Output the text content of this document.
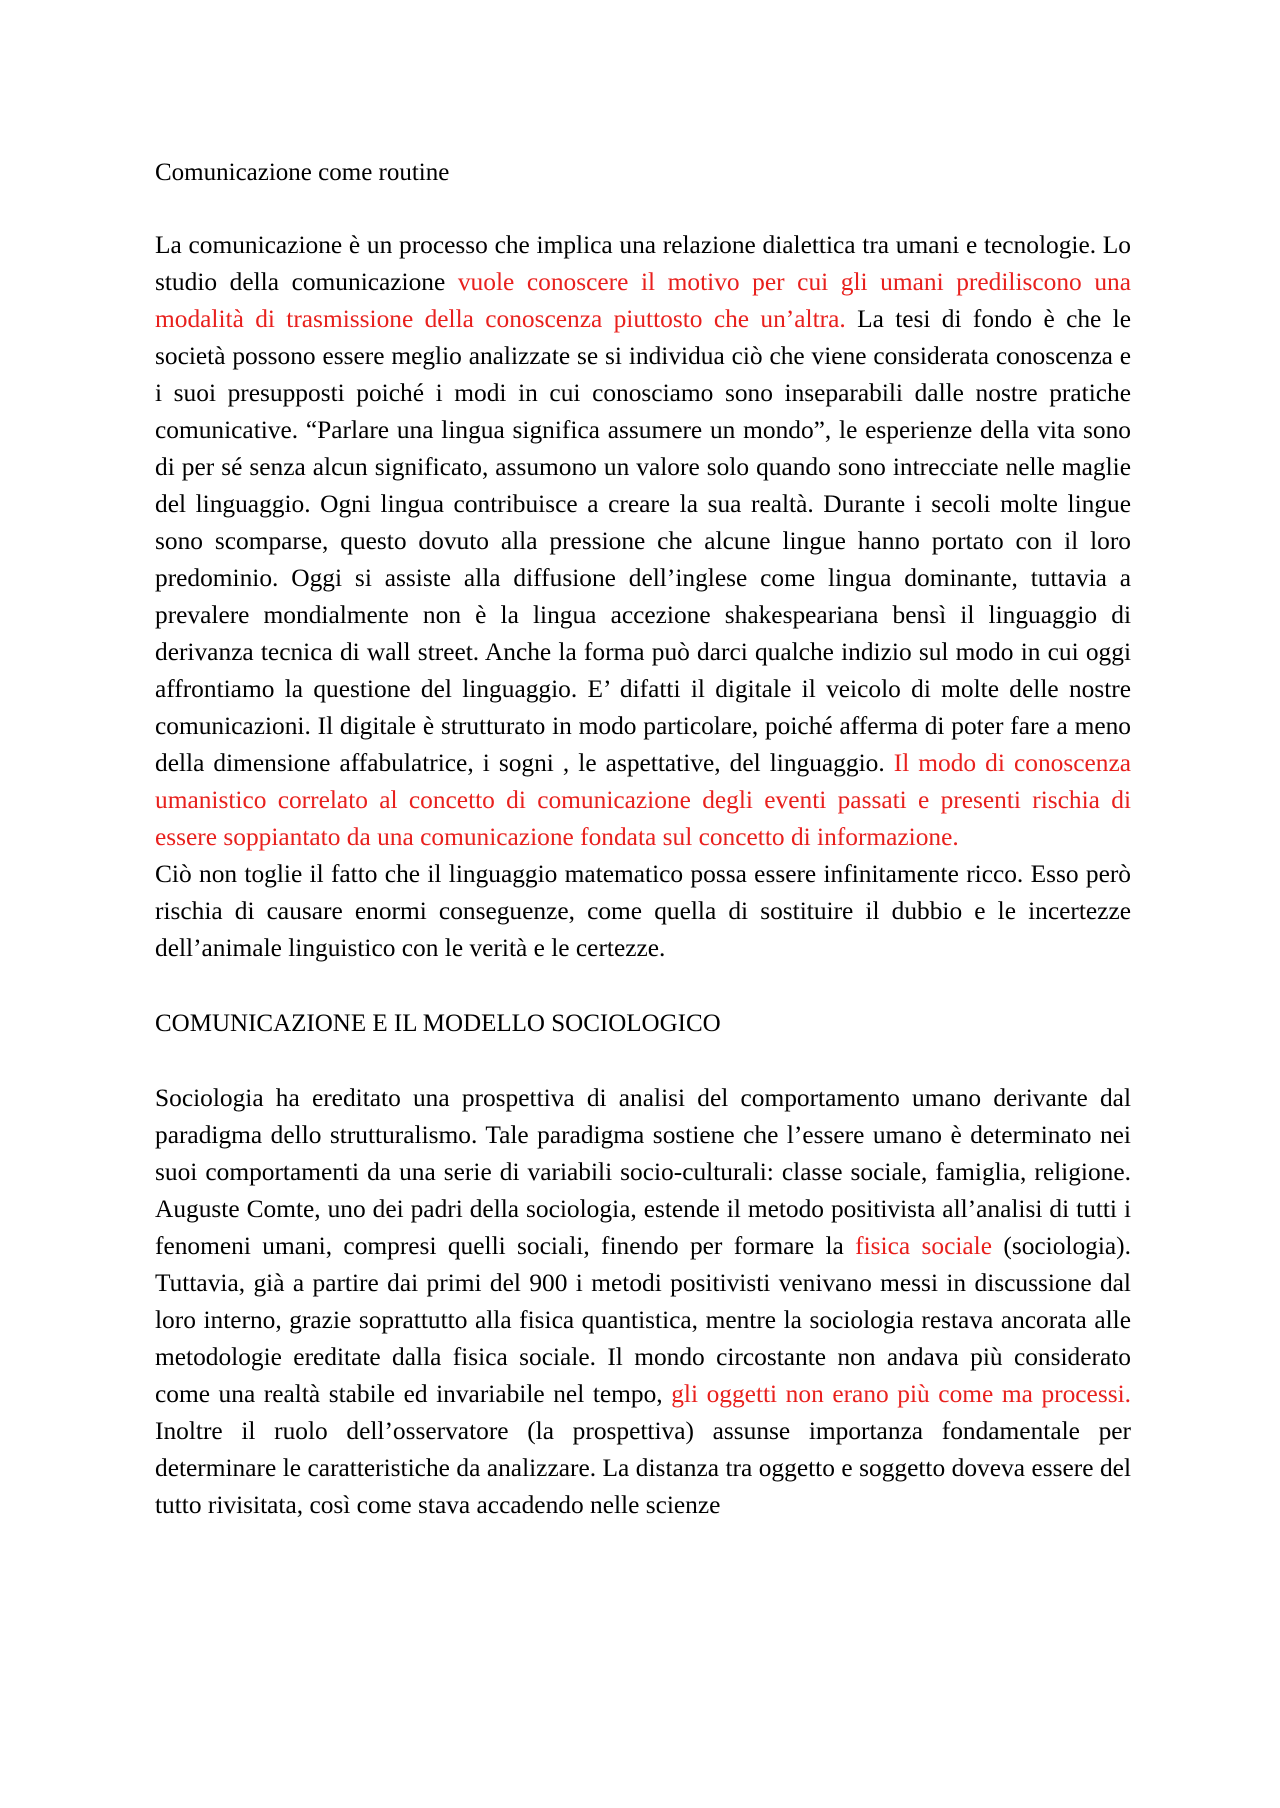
Comunicazione come routine

La comunicazione è un processo che implica una relazione dialettica tra umani e tecnologie. Lo studio della comunicazione vuole conoscere il motivo per cui gli umani prediliscono una modalità di trasmissione della conoscenza piuttosto che un’altra. La tesi di fondo è che le società possono essere meglio analizzate se si individua ciò che viene considerata conoscenza e i suoi presupposti poiché i modi in cui conosciamo sono inseparabili dalle nostre pratiche comunicative. “Parlare una lingua significa assumere un mondo”, le esperienze della vita sono di per sé senza alcun significato, assumono un valore solo quando sono intrecciate nelle maglie del linguaggio. Ogni lingua contribuisce a creare la sua realtà. Durante i secoli molte lingue sono scomparse, questo dovuto alla pressione che alcune lingue hanno portato con il loro predominio. Oggi si assiste alla diffusione dell’inglese come lingua dominante, tuttavia a prevalere mondialmente non è la lingua accezione shakespeariana bensì il linguaggio di derivanza tecnica di wall street. Anche la forma può darci qualche indizio sul modo in cui oggi affrontiamo la questione del linguaggio. E’ difatti il digitale il veicolo di molte delle nostre comunicazioni. Il digitale è strutturato in modo particolare, poiché afferma di poter fare a meno della dimensione affabulatrice, i sogni , le aspettative, del linguaggio. Il modo di conoscenza umanistico correlato al concetto di comunicazione degli eventi passati e presenti rischia di essere soppiantato da una comunicazione fondata sul concetto di informazione.

Ciò non toglie il fatto che il linguaggio matematico possa essere infinitamente ricco. Esso però rischia di causare enormi conseguenze, come quella di sostituire il dubbio e le incertezze dell’animale linguistico con le verità e le certezze.

COMUNICAZIONE E IL MODELLO SOCIOLOGICO

Sociologia ha ereditato una prospettiva di analisi del comportamento umano derivante dal paradigma dello strutturalismo. Tale paradigma sostiene che l’essere umano è determinato nei suoi comportamenti da una serie di variabili socio-culturali: classe sociale, famiglia, religione. Auguste Comte, uno dei padri della sociologia, estende il metodo positivista all’analisi di tutti i fenomeni umani, compresi quelli sociali, finendo per formare la fisica sociale (sociologia). Tuttavia, già a partire dai primi del 900 i metodi positivisti venivano messi in discussione dal loro interno, grazie soprattutto alla fisica quantistica, mentre la sociologia restava ancorata alle metodologie ereditate dalla fisica sociale. Il mondo circostante non andava più considerato come una realtà stabile ed invariabile nel tempo, gli oggetti non erano più come ma processi. Inoltre il ruolo dell’osservatore (la prospettiva) assunse importanza fondamentale per determinare le caratteristiche da analizzare. La distanza tra oggetto e soggetto doveva essere del tutto rivisitata, così come stava accadendo nelle scienze
